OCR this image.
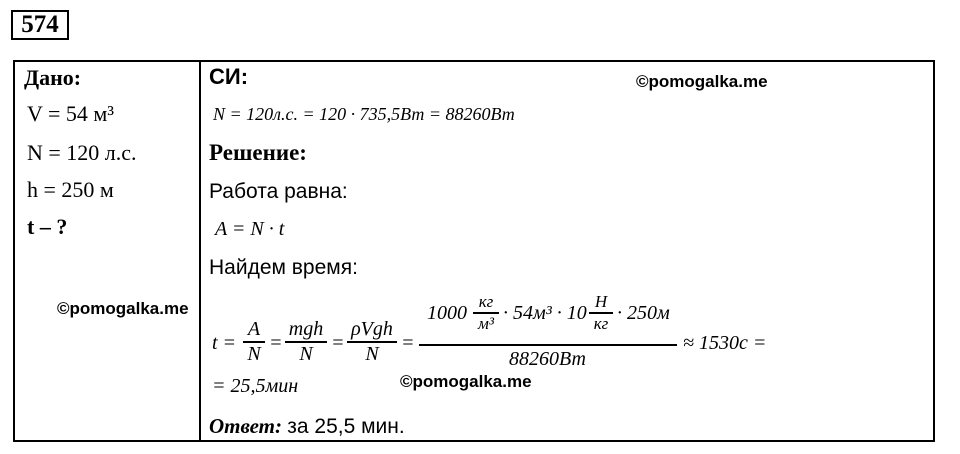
574
Дано:
V = 54 м³
N = 120 л.с.
h = 250 м
t – ?
СИ:	©pomogalka.me
N = 120л.с. = 120 · 735,5Вт = 88260Вт
Решение:
Работа равна:
A = N · t
Найдем время:
©pomogalka.me
t =
A
N =
mgh
N =
ρVgh
N	=
1000
кг
м³ · 54м³ · 10
Н
кг · 250м
88260Вт
≈ 1530с =
= 25,5мин	©pomogalka.me
Ответ: за 25,5 мин.
